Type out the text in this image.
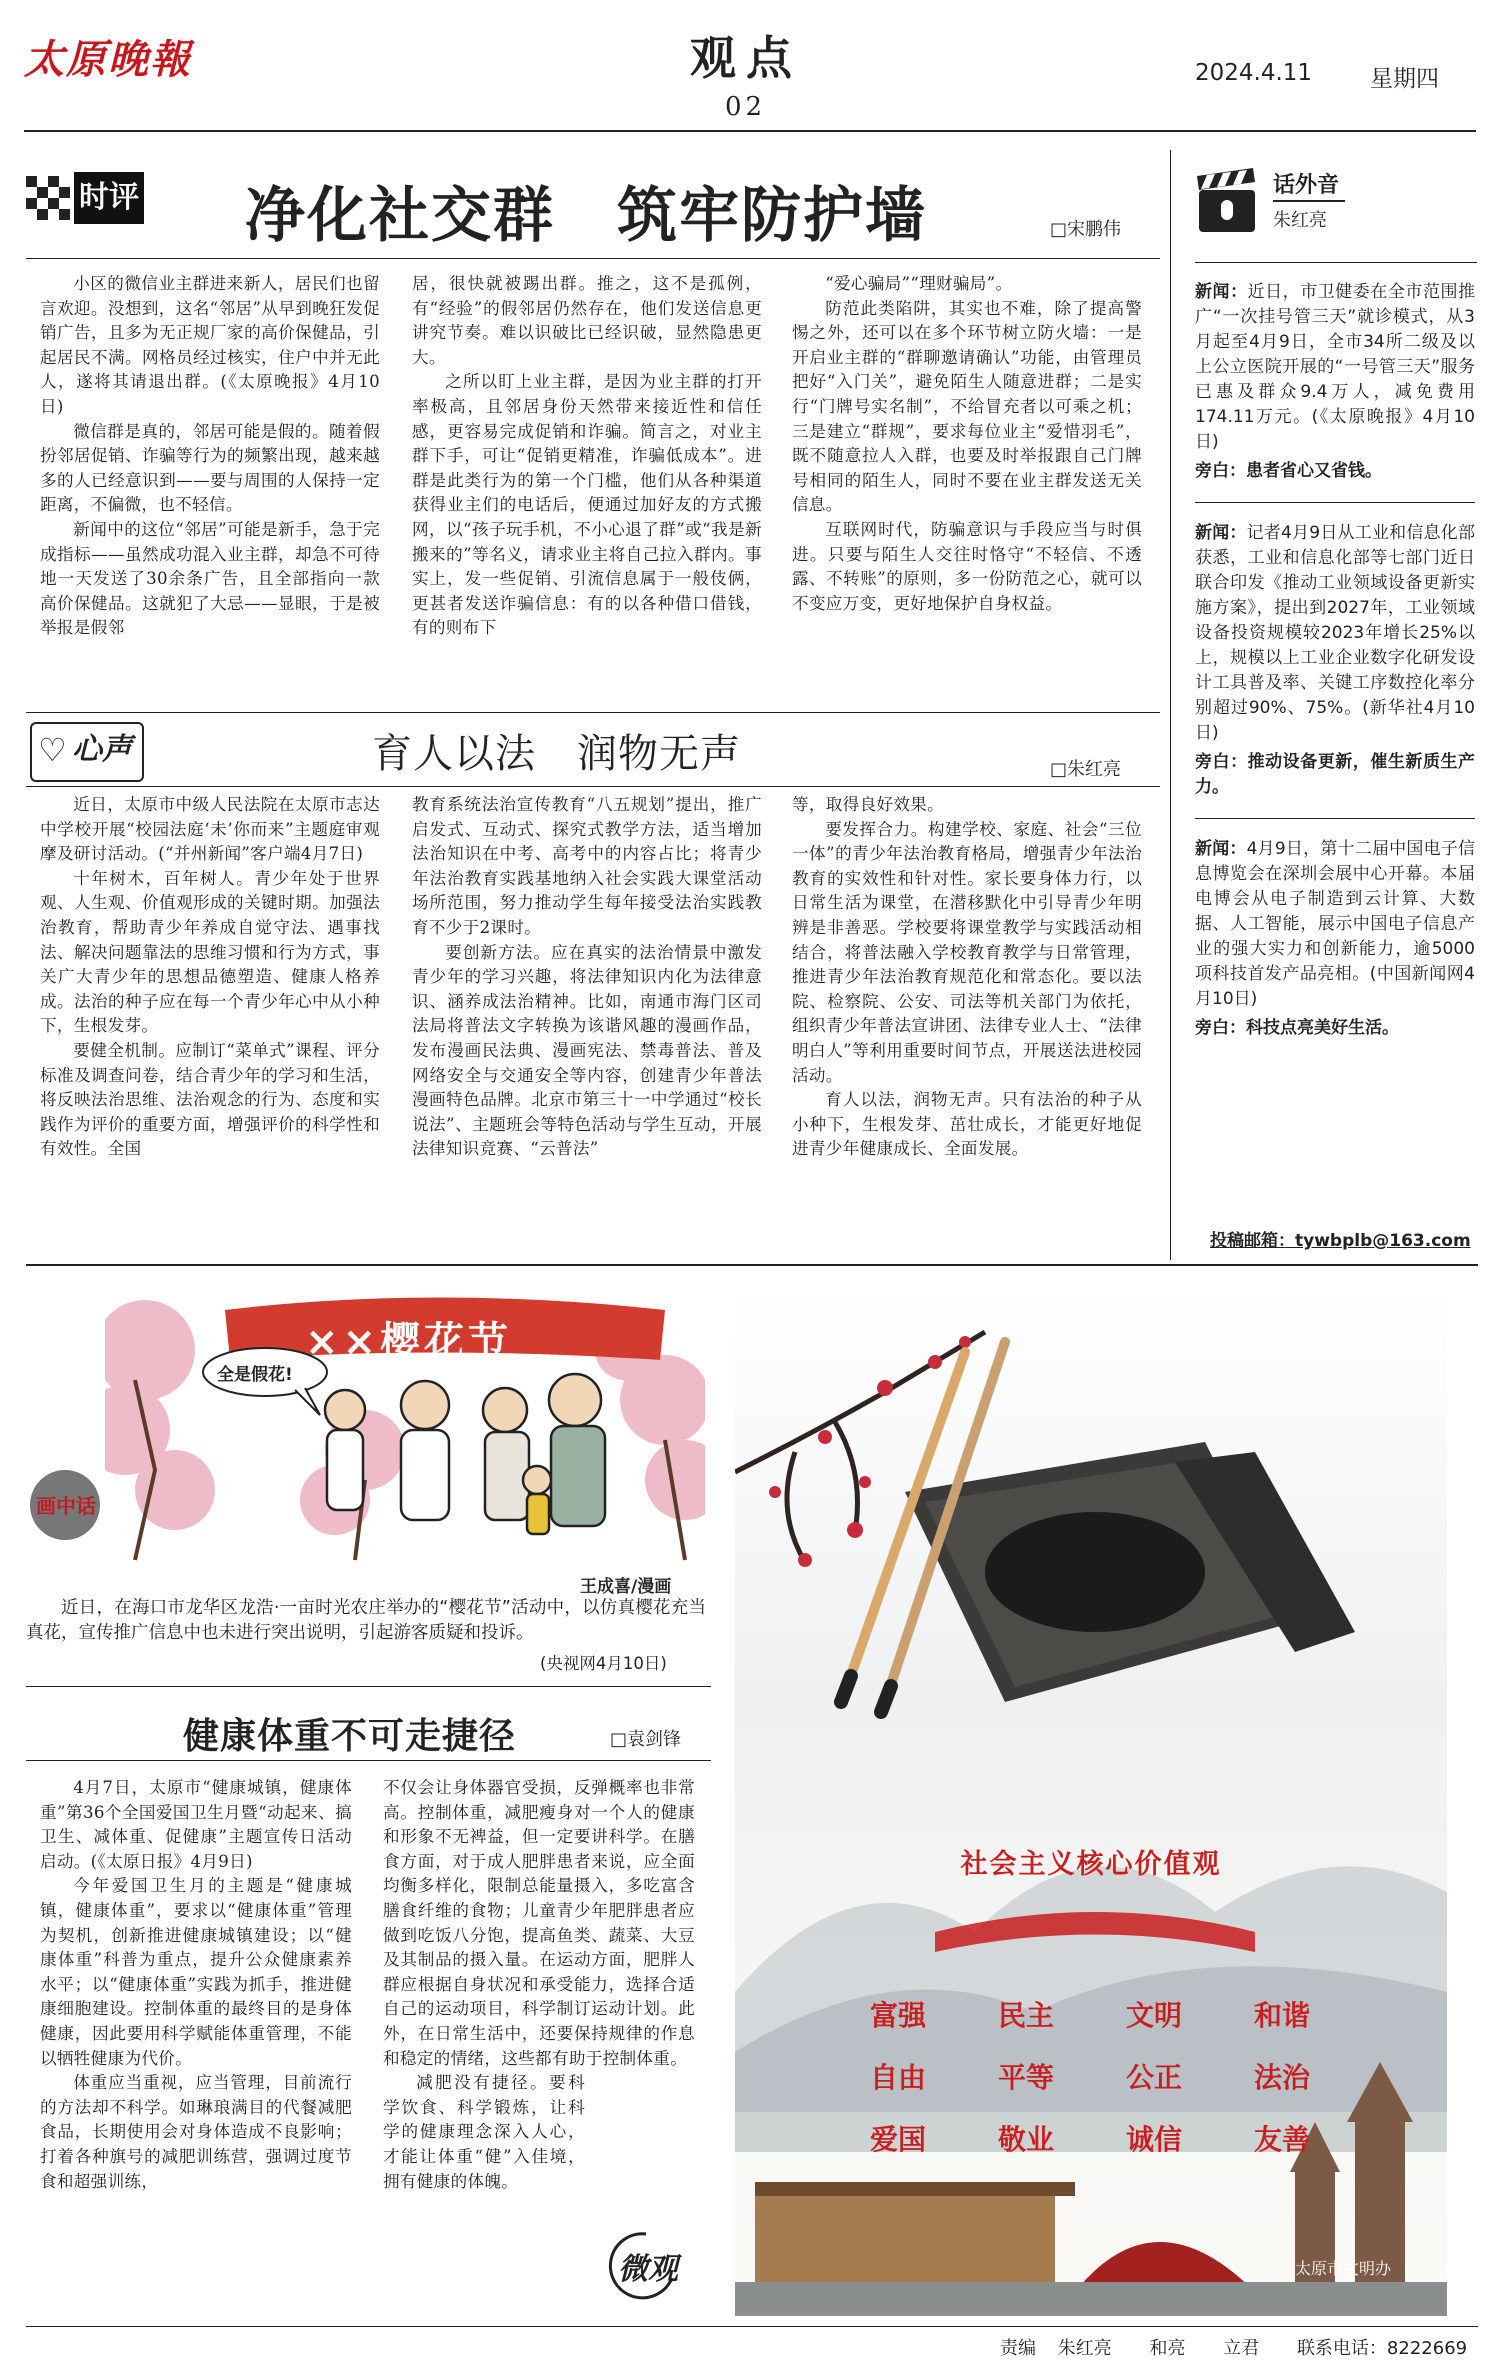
太原晚報	观点
02
2024.4.11	星期四

时评 净化社交群　筑牢防护墙	□宋鹏伟

小区的微信业主群进来新人，居民们也留言欢迎。没想到，这名“邻居”从早到晚狂发促销广告，且多为无正规厂家的高价保健品，引起居民不满。网格员经过核实，住户中并无此人，遂将其请退出群。(《太原晚报》4月10日)

微信群是真的，邻居可能是假的。随着假扮邻居促销、诈骗等行为的频繁出现，越来越多的人已经意识到——要与周围的人保持一定距离，不偏微，也不轻信。

新闻中的这位“邻居”可能是新手，急于完成指标——虽然成功混入业主群，却急不可待地一天发送了30余条广告，且全部指向一款高价保健品。这就犯了大忌——显眼，于是被举报是假邻

居，很快就被踢出群。推之，这不是孤例，有“经验”的假邻居仍然存在，他们发送信息更讲究节奏。难以识破比已经识破，显然隐患更大。

之所以盯上业主群，是因为业主群的打开率极高，且邻居身份天然带来接近性和信任感，更容易完成促销和诈骗。简言之，对业主群下手，可让“促销更精准，诈骗低成本”。进群是此类行为的第一个门槛，他们从各种渠道获得业主们的电话后，便通过加好友的方式搬网，以“孩子玩手机，不小心退了群”或“我是新搬来的”等名义，请求业主将自己拉入群内。事实上，发一些促销、引流信息属于一般伎俩，更甚者发送诈骗信息：有的以各种借口借钱，有的则布下

“爱心骗局”“理财骗局”。

防范此类陷阱，其实也不难，除了提高警惕之外，还可以在多个环节树立防火墙：一是开启业主群的“群聊邀请确认”功能，由管理员把好“入门关”，避免陌生人随意进群；二是实行“门牌号实名制”，不给冒充者以可乘之机；三是建立“群规”，要求每位业主“爱惜羽毛”，既不随意拉人入群，也要及时举报跟自己门牌号相同的陌生人，同时不要在业主群发送无关信息。

互联网时代，防骗意识与手段应当与时俱进。只要与陌生人交往时恪守“不轻信、不透露、不转账”的原则，多一份防范之心，就可以不变应万变，更好地保护自身权益。

♡ 心声	育人以法　润物无声	□朱红亮

近日，太原市中级人民法院在太原市志达中学校开展“校园法庭‘未’你而来”主题庭审观摩及研讨活动。(“并州新闻”客户端4月7日)

十年树木，百年树人。青少年处于世界观、人生观、价值观形成的关键时期。加强法治教育，帮助青少年养成自觉守法、遇事找法、解决问题靠法的思维习惯和行为方式，事关广大青少年的思想品德塑造、健康人格养成。法治的种子应在每一个青少年心中从小种下，生根发芽。

要健全机制。应制订“菜单式”课程、评分标准及调查问卷，结合青少年的学习和生活，将反映法治思维、法治观念的行为、态度和实践作为评价的重要方面，增强评价的科学性和有效性。全国

教育系统法治宣传教育“八五规划”提出，推广启发式、互动式、探究式教学方法，适当增加法治知识在中考、高考中的内容占比；将青少年法治教育实践基地纳入社会实践大课堂活动场所范围，努力推动学生每年接受法治实践教育不少于2课时。

要创新方法。应在真实的法治情景中激发青少年的学习兴趣，将法律知识内化为法律意识、涵养成法治精神。比如，南通市海门区司法局将普法文字转换为该谐风趣的漫画作品，发布漫画民法典、漫画宪法、禁毒普法、普及网络安全与交通安全等内容，创建青少年普法漫画特色品牌。北京市第三十一中学通过“校长说法”、主题班会等特色活动与学生互动，开展法律知识竞赛、“云普法”

等，取得良好效果。

要发挥合力。构建学校、家庭、社会“三位一体”的青少年法治教育格局，增强青少年法治教育的实效性和针对性。家长要身体力行，以日常生活为课堂，在潜移默化中引导青少年明辨是非善恶。学校要将课堂教学与实践活动相结合，将普法融入学校教育教学与日常管理，推进青少年法治教育规范化和常态化。要以法院、检察院、公安、司法等机关部门为依托，组织青少年普法宣讲团、法律专业人士、“法律明白人”等利用重要时间节点，开展送法进校园活动。

育人以法，润物无声。只有法治的种子从小种下，生根发芽、茁壮成长，才能更好地促进青少年健康成长、全面发展。

话外音
朱红亮

新闻：近日，市卫健委在全市范围推广“一次挂号管三天”就诊模式，从3月起至4月9日，全市34所二级及以上公立医院开展的“一号管三天”服务已惠及群众9.4万人，减免费用174.11万元。(《太原晚报》4月10日)
旁白：患者省心又省钱。

新闻：记者4月9日从工业和信息化部获悉，工业和信息化部等七部门近日联合印发《推动工业领域设备更新实施方案》，提出到2027年，工业领域设备投资规模较2023年增长25%以上，规模以上工业企业数字化研发设计工具普及率、关键工序数控化率分别超过90%、75%。(新华社4月10日)
旁白：推动设备更新，催生新质生产力。

新闻：4月9日，第十二届中国电子信息博览会在深圳会展中心开幕。本届电博会从电子制造到云计算、大数据、人工智能，展示中国电子信息产业的强大实力和创新能力，逾5000项科技首发产品亮相。(中国新闻网4月10日)
旁白：科技点亮美好生活。

投稿邮箱：tywbplb@163.com
××樱花节
全是假花!
画中话
王成喜/漫画
近日，在海口市龙华区龙浩·一亩时光农庄举办的“樱花节”活动中，以仿真樱花充当真花，宣传推广信息中也未进行突出说明，引起游客质疑和投诉。
(央视网4月10日)
健康体重不可走捷径	□袁剑锋

4月7日，太原市“健康城镇，健康体重”第36个全国爱国卫生月暨“动起来、搞卫生、减体重、促健康”主题宣传日活动启动。(《太原日报》4月9日)

今年爱国卫生月的主题是“健康城镇，健康体重”，要求以“健康体重”管理为契机，创新推进健康城镇建设；以“健康体重”科普为重点，提升公众健康素养水平；以“健康体重”实践为抓手，推进健康细胞建设。控制体重的最终目的是身体健康，因此要用科学赋能体重管理，不能以牺牲健康为代价。

体重应当重视，应当管理，目前流行的方法却不科学。如琳琅满目的代餐减肥食品，长期使用会对身体造成不良影响；打着各种旗号的减肥训练营，强调过度节食和超强训练，

不仅会让身体器官受损，反弹概率也非常高。控制体重，减肥瘦身对一个人的健康和形象不无裨益，但一定要讲科学。在膳食方面，对于成人肥胖患者来说，应全面均衡多样化，限制总能量摄入，多吃富含膳食纤维的食物；儿童青少年肥胖患者应做到吃饭八分饱，提高鱼类、蔬菜、大豆及其制品的摄入量。在运动方面，肥胖人群应根据自身状况和承受能力，选择合适自己的运动项目，科学制订运动计划。此外，在日常生活中，还要保持规律的作息和稳定的情绪，这些都有助于控制体重。

减肥没有捷径。要科学饮食、科学锻炼，让科学的健康理念深入人心，才能让体重“健”入佳境，拥有健康的体魄。

微观
社会主义核心价值观
富强	民主	文明	和谐
自由	平等	公正	法治
爱国	敬业	诚信	友善
太原市文明办
责编 朱红亮 和亮 立君 联系电话：8222669
